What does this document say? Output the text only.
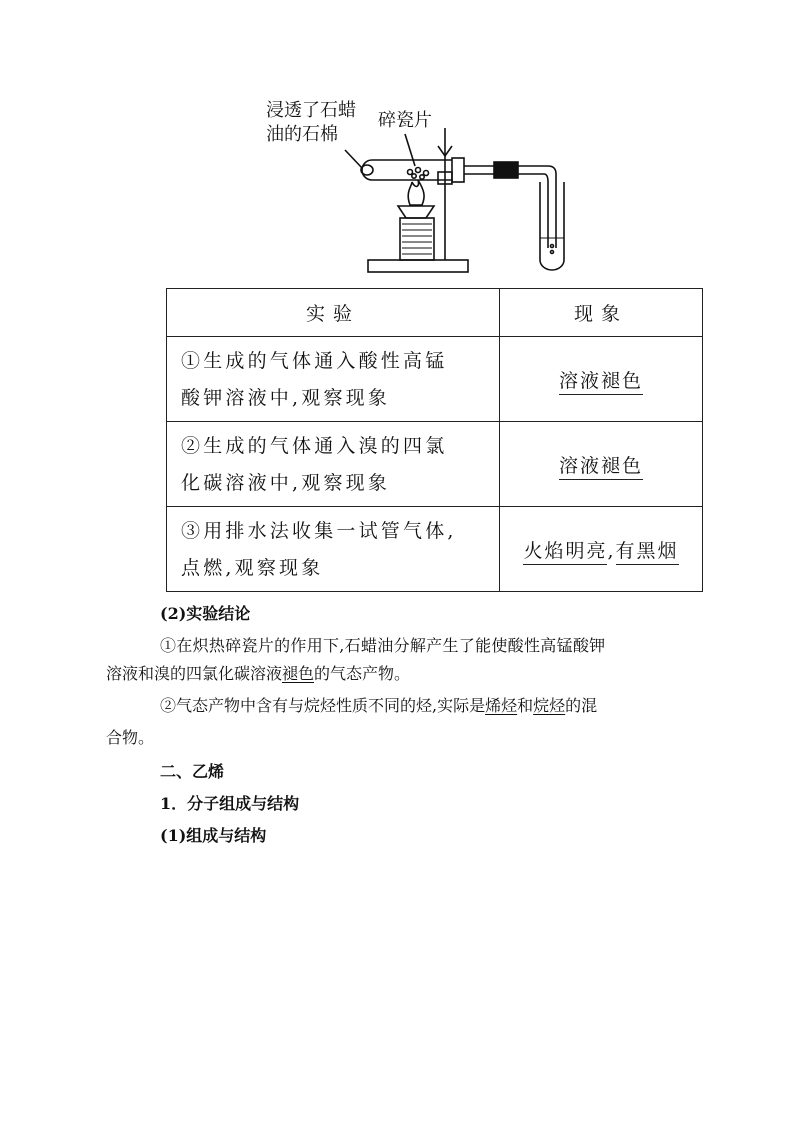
浸透了石蜡
油的石棉
碎瓷片
实验	现象

①生成的气体通入酸性高锰
酸钾溶液中,观察现象	溶液褪色

②生成的气体通入溴的四氯
化碳溶液中,观察现象	溶液褪色

③用排水法收集一试管气体,
点燃,观察现象	火焰明亮,有黑烟
(2)实验结论
①在炽热碎瓷片的作用下,石蜡油分解产生了能使酸性高锰酸钾
溶液和溴的四氯化碳溶液褪色的气态产物。
②气态产物中含有与烷烃性质不同的烃,实际是烯烃和烷烃的混
合物。
二、乙烯
1．分子组成与结构
(1)组成与结构
